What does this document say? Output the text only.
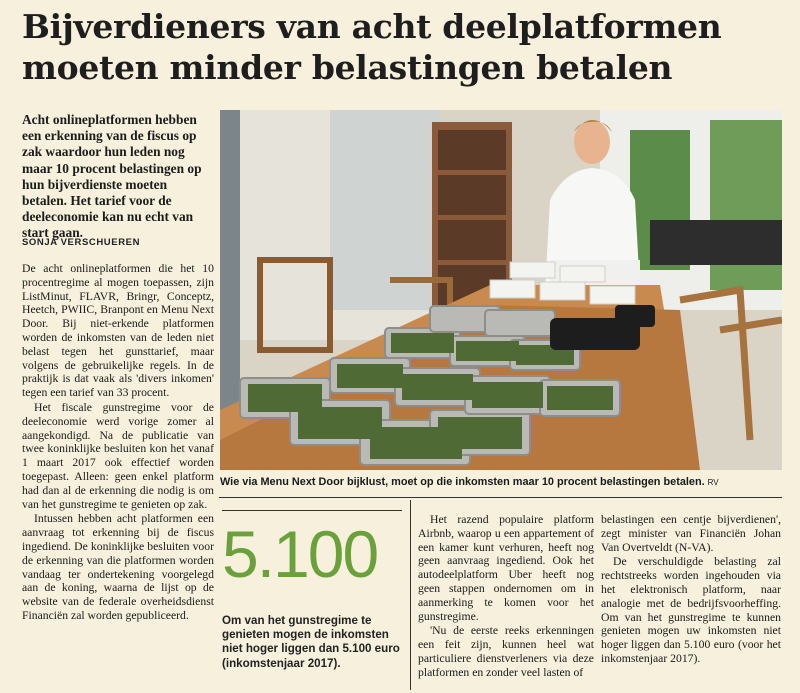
Bijverdieners van acht deelplatformen
moeten minder belastingen betalen
Acht onlineplatformen hebben een erkenning van de fiscus op zak waardoor hun leden nog maar 10 procent belastingen op hun bijverdienste moeten betalen. Het tarief voor de deeleconomie kan nu echt van start gaan.
SONJA VERSCHUEREN

De acht onlineplatformen die het 10 procentregime al mogen toepassen, zijn ListMinut, FLAVR, Bringr, Conceptz, Heetch, PWIIC, Branpont en Menu Next Door. Bij niet-erkende platformen worden de inkomsten van de leden niet belast tegen het gunsttarief, maar volgens de gebruikelijke regels. In de praktijk is dat vaak als 'divers inkomen' tegen een tarief van 33 procent.

Het fiscale gunstregime voor de deeleconomie werd vorige zomer al aangekondigd. Na de publicatie van twee koninklijke besluiten kon het vanaf 1 maart 2017 ook effectief worden toegepast. Alleen: geen enkel platform had dan al de erkenning die nodig is om van het gunstregime te genieten op zak.

Intussen hebben acht platformen een aanvraag tot erkenning bij de fiscus ingediend. De koninklijke besluiten voor de erkenning van die platformen worden vandaag ter ondertekening voorgelegd aan de koning, waarna de lijst op de website van de federale overheidsdienst Financiën zal worden gepubliceerd.

Wie via Menu Next Door bijklust, moet op die inkomsten maar 10 procent belastingen betalen. RV
5.100
Om van het gunstregime te genieten mogen de inkomsten niet hoger liggen dan 5.100 euro (inkomstenjaar 2017).

Het razend populaire platform Airbnb, waarop u een appartement of een kamer kunt verhuren, heeft nog geen aanvraag ingediend. Ook het autodeelplatform Uber heeft nog geen stappen ondernomen om in aanmerking te komen voor het gunstregime.

'Nu de eerste reeks erkenningen een feit zijn, kunnen heel wat particuliere dienstverleners via deze platformen en zonder veel lasten of

belastingen een centje bijverdienen', zegt minister van Financiën Johan Van Overtveldt (N-VA).

De verschuldigde belasting zal rechtstreeks worden ingehouden via het elektronisch platform, naar analogie met de bedrijfsvoorheffing. Om van het gunstregime te kunnen genieten mogen uw inkomsten niet hoger liggen dan 5.100 euro (voor het inkomstenjaar 2017).
